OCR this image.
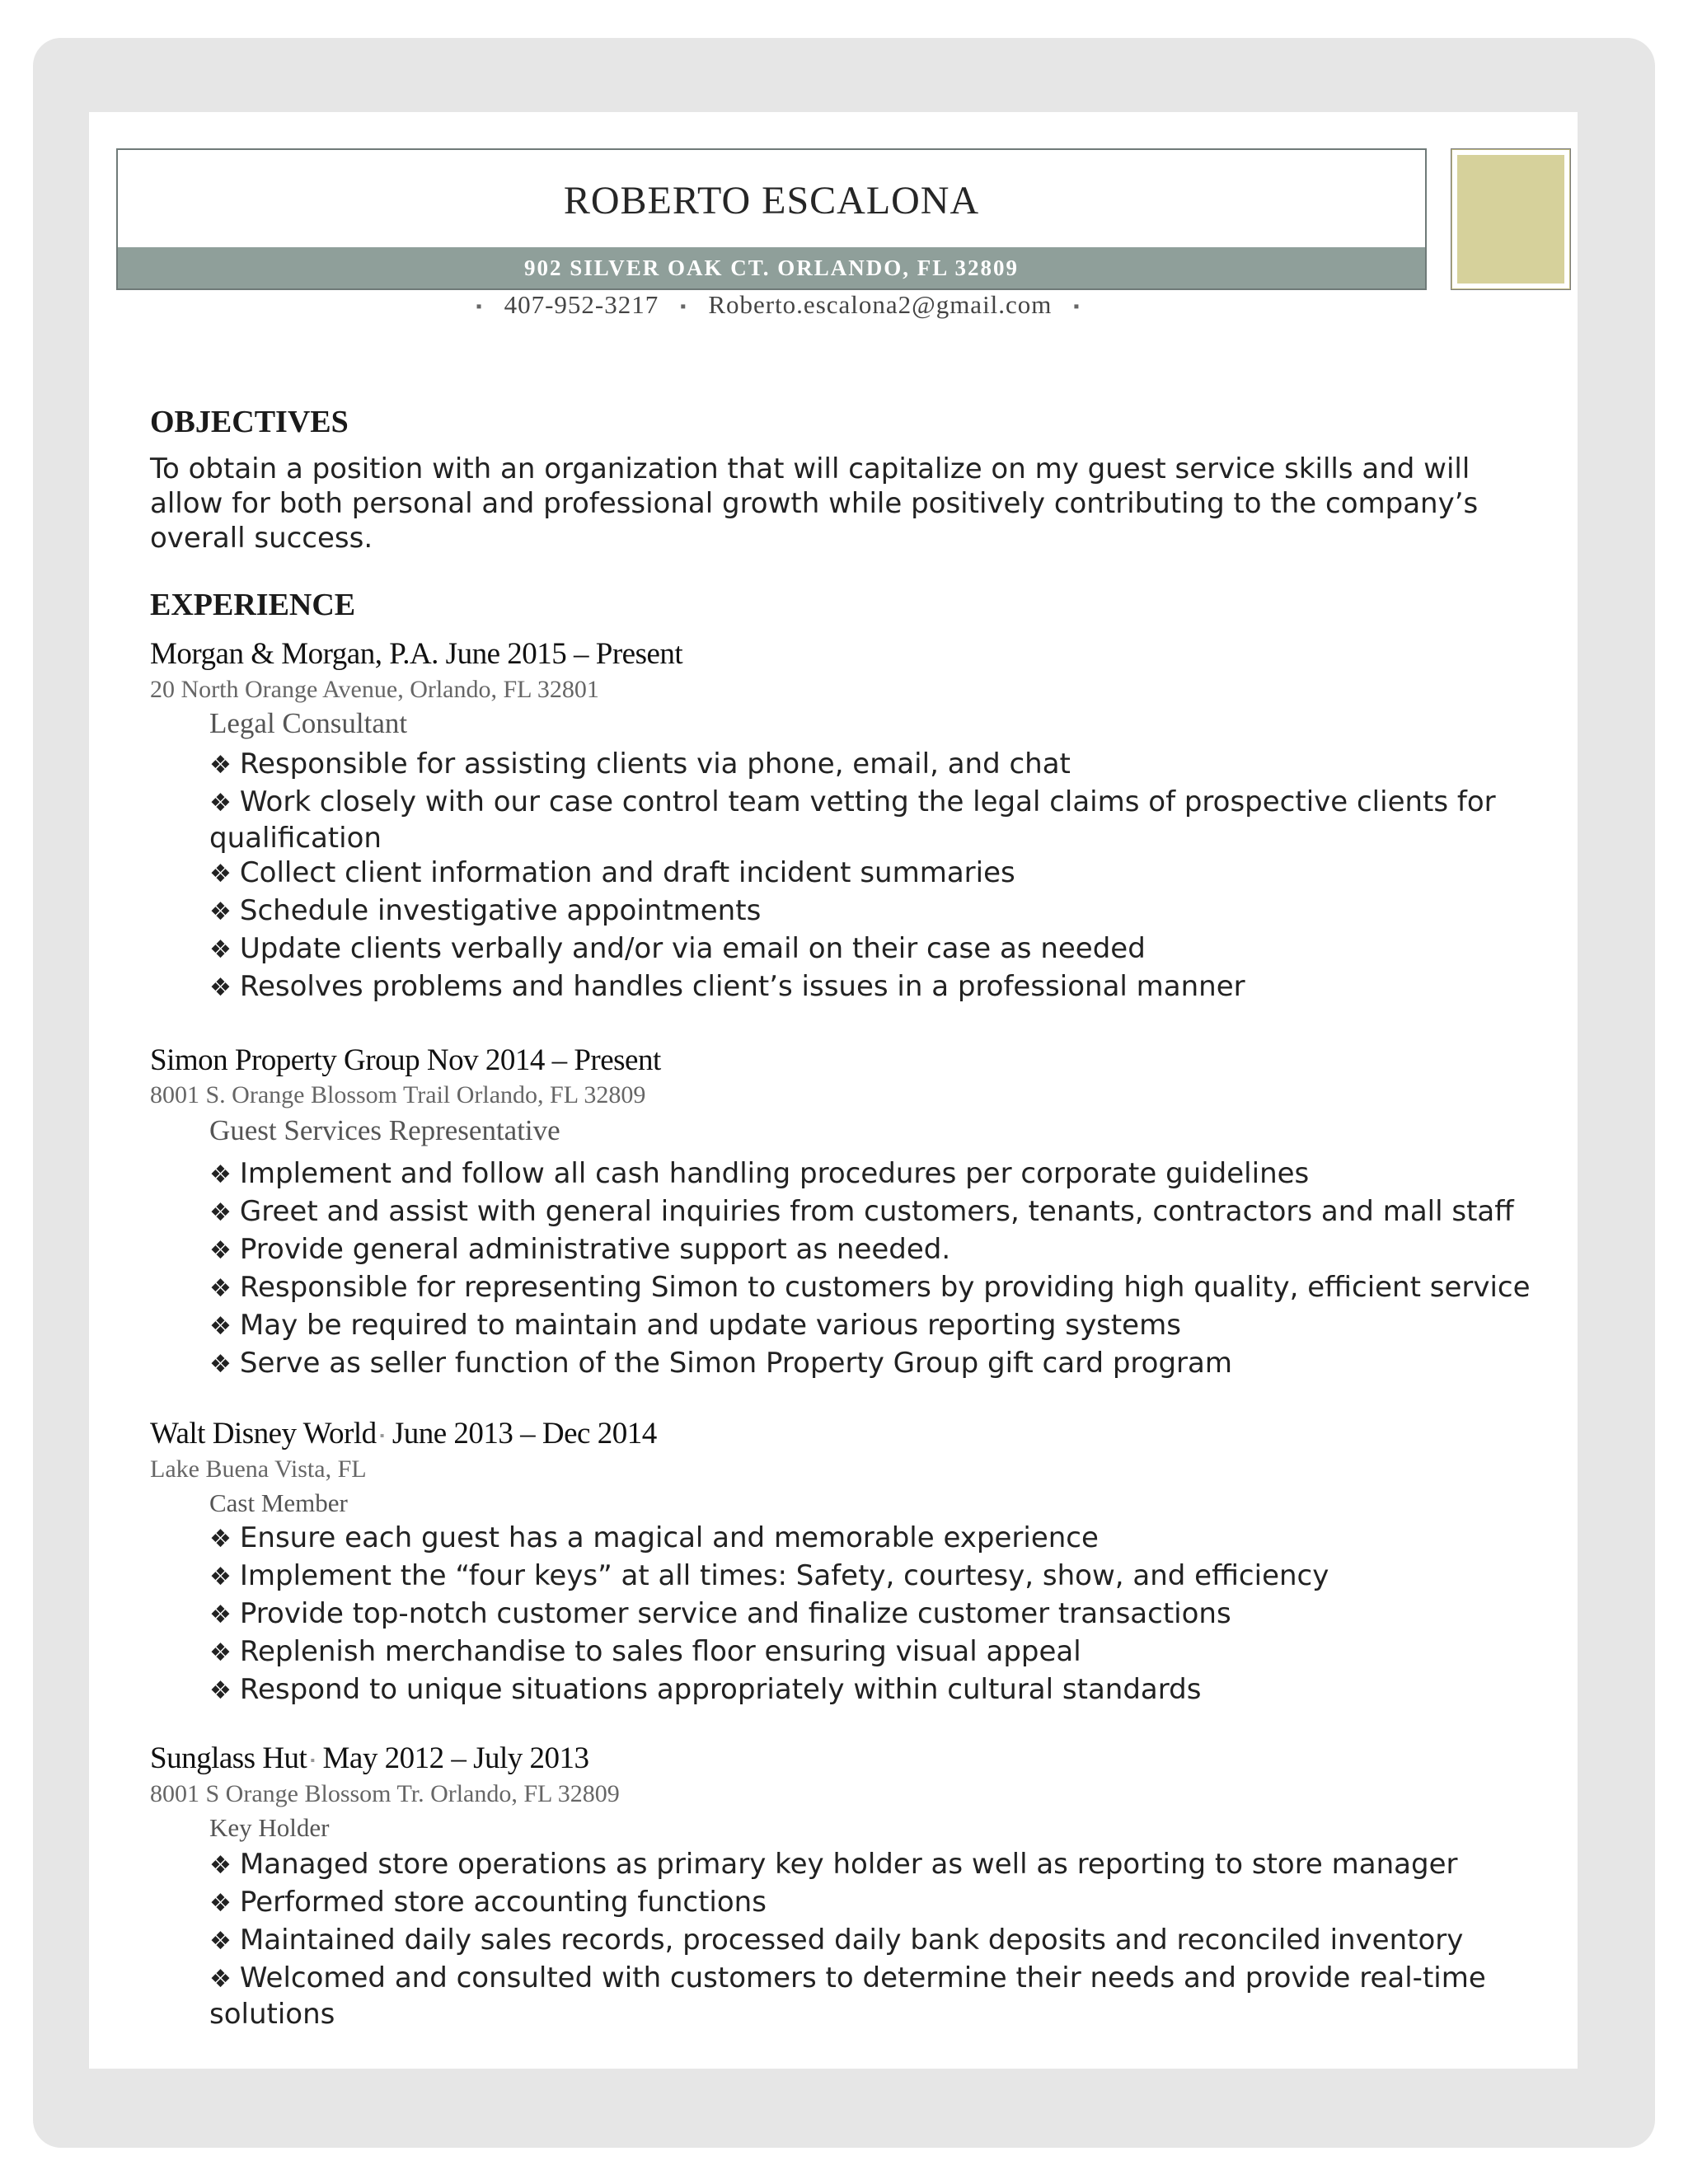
ROBERTO ESCALONA
902 SILVER OAK CT. ORLANDO, FL 32809
▪ 407-952-3217 ▪ Roberto.escalona2@gmail.com ▪
OBJECTIVES
To obtain a position with an organization that will capitalize on my guest service skills and will allow for both personal and professional growth while positively contributing to the company’s overall success.
EXPERIENCE
Morgan & Morgan, P.A. June 2015 – Present
20 North Orange Avenue, Orlando, FL 32801
Legal Consultant
❖ Responsible for assisting clients via phone, email, and chat
❖ Work closely with our case control team vetting the legal claims of prospective clients for
qualification
❖ Collect client information and draft incident summaries
❖ Schedule investigative appointments
❖ Update clients verbally and/or via email on their case as needed
❖ Resolves problems and handles client’s issues in a professional manner
Simon Property Group Nov 2014 – Present
8001 S. Orange Blossom Trail Orlando, FL 32809
Guest Services Representative
❖ Implement and follow all cash handling procedures per corporate guidelines
❖ Greet and assist with general inquiries from customers, tenants, contractors and mall staff
❖ Provide general administrative support as needed.
❖ Responsible for representing Simon to customers by providing high quality, efficient service
❖ May be required to maintain and update various reporting systems
❖ Serve as seller function of the Simon Property Group gift card program
Walt Disney World ▪ June 2013 – Dec 2014
Lake Buena Vista, FL
Cast Member
❖ Ensure each guest has a magical and memorable experience
❖ Implement the “four keys” at all times: Safety, courtesy, show, and efficiency
❖ Provide top-notch customer service and finalize customer transactions
❖ Replenish merchandise to sales floor ensuring visual appeal
❖ Respond to unique situations appropriately within cultural standards
Sunglass Hut ▪ May 2012 – July 2013
8001 S Orange Blossom Tr. Orlando, FL 32809
Key Holder
❖ Managed store operations as primary key holder as well as reporting to store manager
❖ Performed store accounting functions
❖ Maintained daily sales records, processed daily bank deposits and reconciled inventory
❖ Welcomed and consulted with customers to determine their needs and provide real-time
solutions
